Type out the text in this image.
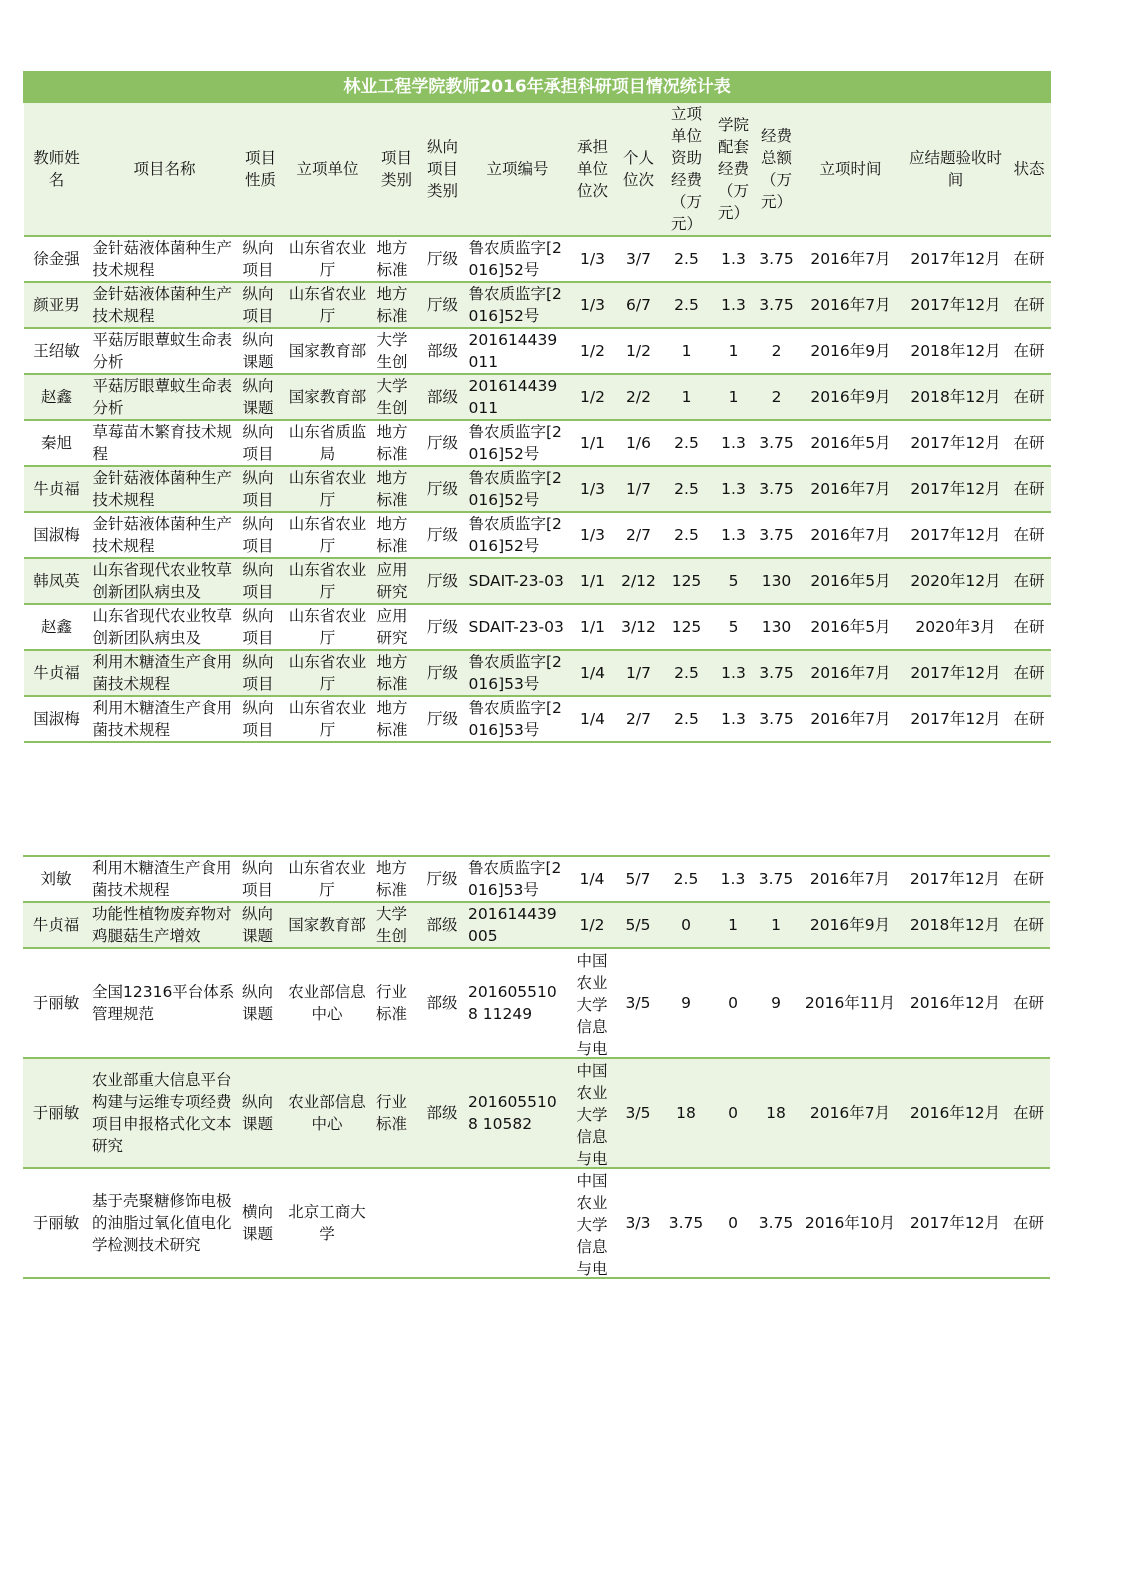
林业工程学院教师2016年承担科研项目情况统计表														
教师姓名	项目名称	项目性质	立项单位	项目类别	纵向项目类别	立项编号	承担单位位次	个人位次	立项单位资助经费（万元）	学院配套经费（万元）	经费总额（万元）	立项时间	应结题验收时间	状态

徐金强	金针菇液体菌种生产技术规程	纵向项目	山东省农业厅	地方标准	厅级	鲁农质监字[2016]52号	1/3	3/7	2.5	1.3	3.75	2016年7月	2017年12月	在研

颜亚男	金针菇液体菌种生产技术规程	纵向项目	山东省农业厅	地方标准	厅级	鲁农质监字[2016]52号	1/3	6/7	2.5	1.3	3.75	2016年7月	2017年12月	在研

王绍敏	平菇厉眼蕈蚊生命表分析	纵向课题	国家教育部	大学生创	部级	201614439011	1/2	1/2	1	1	2	2016年9月	2018年12月	在研

赵鑫	平菇厉眼蕈蚊生命表分析	纵向课题	国家教育部	大学生创	部级	201614439011	1/2	2/2	1	1	2	2016年9月	2018年12月	在研

秦旭	草莓苗木繁育技术规程	纵向项目	山东省质监局	地方标准	厅级	鲁农质监字[2016]52号	1/1	1/6	2.5	1.3	3.75	2016年5月	2017年12月	在研

牛贞福	金针菇液体菌种生产技术规程	纵向项目	山东省农业厅	地方标准	厅级	鲁农质监字[2016]52号	1/3	1/7	2.5	1.3	3.75	2016年7月	2017年12月	在研

国淑梅	金针菇液体菌种生产技术规程	纵向项目	山东省农业厅	地方标准	厅级	鲁农质监字[2016]52号	1/3	2/7	2.5	1.3	3.75	2016年7月	2017年12月	在研

韩凤英	山东省现代农业牧草创新团队病虫及	纵向项目	山东省农业厅	应用研究	厅级	SDAIT-23-03	1/1	2/12	125	5	130	2016年5月	2020年12月	在研

赵鑫	山东省现代农业牧草创新团队病虫及	纵向项目	山东省农业厅	应用研究	厅级	SDAIT-23-03	1/1	3/12	125	5	130	2016年5月	2020年3月	在研

牛贞福	利用木糖渣生产食用菌技术规程	纵向项目	山东省农业厅	地方标准	厅级	鲁农质监字[2016]53号	1/4	1/7	2.5	1.3	3.75	2016年7月	2017年12月	在研

国淑梅	利用木糖渣生产食用菌技术规程	纵向项目	山东省农业厅	地方标准	厅级	鲁农质监字[2016]53号	1/4	2/7	2.5	1.3	3.75	2016年7月	2017年12月	在研
刘敏	利用木糖渣生产食用菌技术规程	纵向项目	山东省农业厅	地方标准	厅级	鲁农质监字[2016]53号	1/4	5/7	2.5	1.3	3.75	2016年7月	2017年12月	在研

牛贞福	功能性植物废弃物对鸡腿菇生产增效	纵向课题	国家教育部	大学生创	部级	201614439005	1/2	5/5	0	1	1	2016年9月	2018年12月	在研

于丽敏	全国12316平台体系管理规范	纵向课题	农业部信息中心	行业标准	部级	2016055108 11249	中国农业大学信息与电	3/5	9	0	9	2016年11月	2016年12月	在研

于丽敏	农业部重大信息平台构建与运维专项经费项目申报格式化文本研究	纵向课题	农业部信息中心	行业标准	部级	2016055108 10582	中国农业大学信息与电	3/5	18	0	18	2016年7月	2016年12月	在研

于丽敏	基于壳聚糖修饰电极的油脂过氧化值电化学检测技术研究	横向课题	北京工商大学				中国农业大学信息与电	3/3	3.75	0	3.75	2016年10月	2017年12月	在研
